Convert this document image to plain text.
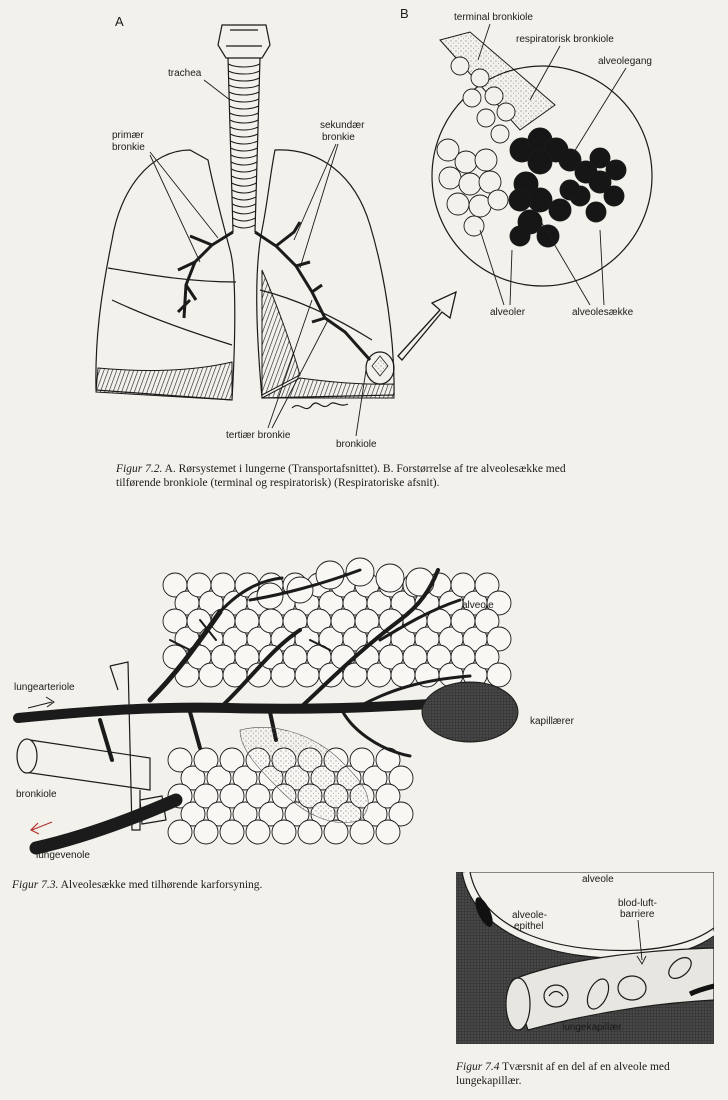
A
trachea
primær
bronkie
sekundær
bronkie
tertiær bronkie
bronkiole
B	terminal bronkiole
respiratorisk bronkiole
alveolegang
alveoler	alveolesække
alveole
lungearteriole
kapillærer
bronkiole
lungevenole
alveole
alveole-
epithel
blod-luft-
barriere
lungekapillær

Figur 7.2. A. Rørsystemet i lungerne (Transportafsnittet). B. Forstørrelse af tre alveolesække med
tilførende bronkiole (terminal og respiratorisk) (Respiratoriske afsnit).

Figur 7.3. Alveolesække med tilhørende karforsyning.

Figur 7.4 Tværsnit af en del af en alveole med
lungekapillær.
